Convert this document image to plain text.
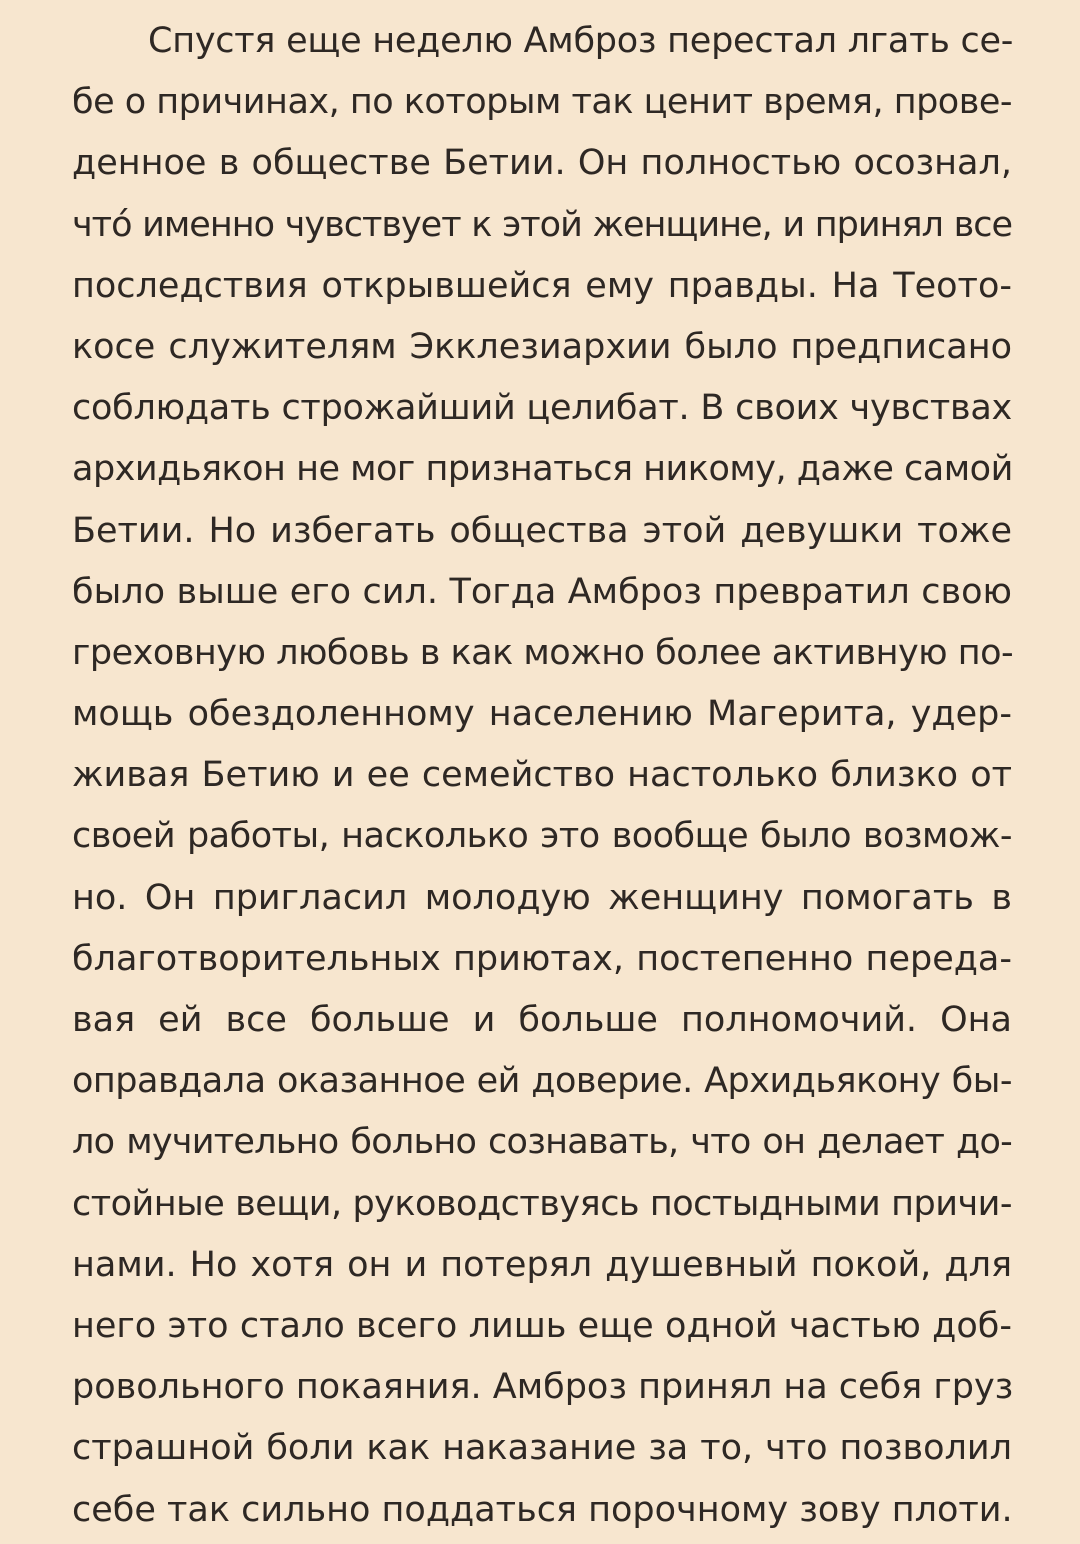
Спустя еще неделю Амброз перестал лгать се-
бе о причинах, по которым так ценит время, прове-
денное в обществе Бетии. Он полностью осознал,
что́ именно чувствует к этой женщине, и принял все
последствия открывшейся ему правды. На Теото-
косе служителям Экклезиархии было предписано
соблюдать строжайший целибат. В своих чувствах
архидьякон не мог признаться никому, даже самой
Бетии. Но избегать общества этой девушки тоже
было выше его сил. Тогда Амброз превратил свою
греховную любовь в как можно более активную по-
мощь обездоленному населению Магерита, удер-
живая Бетию и ее семейство настолько близко от
своей работы, насколько это вообще было возмож-
но. Он пригласил молодую женщину помогать в
благотворительных приютах, постепенно переда-
вая ей все больше и больше полномочий. Она
оправдала оказанное ей доверие. Архидьякону бы-
ло мучительно больно сознавать, что он делает до-
стойные вещи, руководствуясь постыдными причи-
нами. Но хотя он и потерял душевный покой, для
него это стало всего лишь еще одной частью доб-
ровольного покаяния. Амброз принял на себя груз
страшной боли как наказание за то, что позволил
себе так сильно поддаться порочному зову плоти.
